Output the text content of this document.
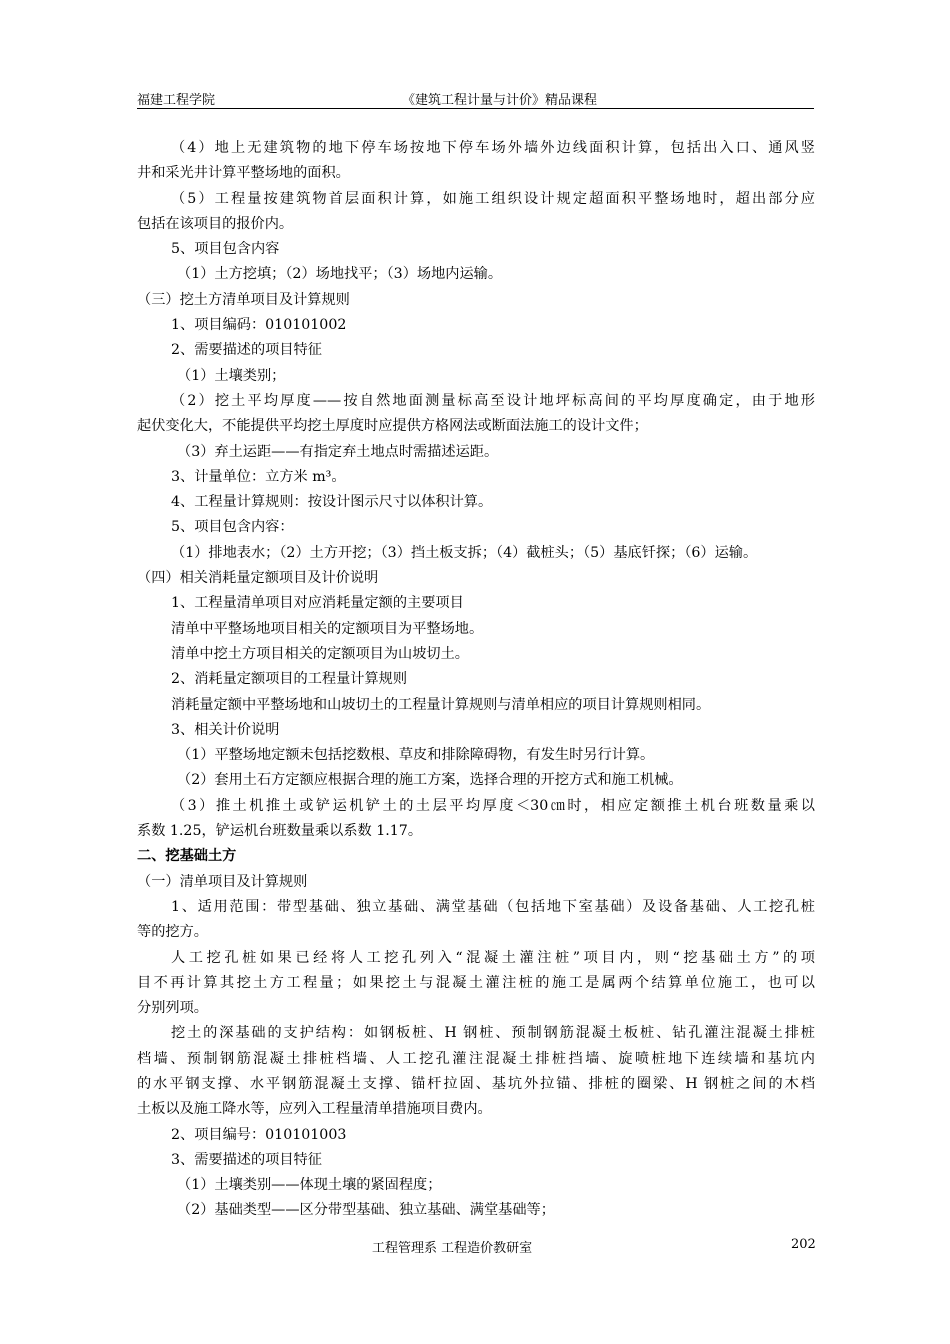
福建工程学院	《建筑工程计量与计价》精品课程
（4）地上无建筑物的地下停车场按地下停车场外墙外边线面积计算，包括出入口、通风竖
井和采光井计算平整场地的面积。
（5）工程量按建筑物首层面积计算，如施工组织设计规定超面积平整场地时，超出部分应
包括在该项目的报价内。
5、项目包含内容
（1）土方挖填；（2）场地找平；（3）场地内运输。
（三）挖土方清单项目及计算规则
1、项目编码：010101002
2、需要描述的项目特征
（1）土壤类别；
（2）挖土平均厚度——按自然地面测量标高至设计地坪标高间的平均厚度确定，由于地形
起伏变化大，不能提供平均挖土厚度时应提供方格网法或断面法施工的设计文件；
（3）弃土运距——有指定弃土地点时需描述运距。
3、计量单位：立方米 m³。
4、工程量计算规则：按设计图示尺寸以体积计算。
5、项目包含内容：
（1）排地表水；（2）土方开挖；（3）挡土板支拆；（4）截桩头；（5）基底钎探；（6）运输。
（四）相关消耗量定额项目及计价说明
1、工程量清单项目对应消耗量定额的主要项目
清单中平整场地项目相关的定额项目为平整场地。
清单中挖土方项目相关的定额项目为山坡切土。
2、消耗量定额项目的工程量计算规则
消耗量定额中平整场地和山坡切土的工程量计算规则与清单相应的项目计算规则相同。
3、相关计价说明
（1）平整场地定额未包括挖数根、草皮和排除障碍物，有发生时另行计算。
（2）套用土石方定额应根据合理的施工方案，选择合理的开挖方式和施工机械。
（3）推土机推土或铲运机铲土的土层平均厚度＜30㎝时，相应定额推土机台班数量乘以
系数 1.25，铲运机台班数量乘以系数 1.17。
二、挖基础土方
（一）清单项目及计算规则
1、适用范围：带型基础、独立基础、满堂基础（包括地下室基础）及设备基础、人工挖孔桩
等的挖方。
人工挖孔桩如果已经将人工挖孔列入“混凝土灌注桩”项目内，则“挖基础土方”的项
目不再计算其挖土方工程量；如果挖土与混凝土灌注桩的施工是属两个结算单位施工，也可以
分别列项。
挖土的深基础的支护结构：如钢板桩、H 钢桩、预制钢筋混凝土板桩、钻孔灌注混凝土排桩
档墙、预制钢筋混凝土排桩档墙、人工挖孔灌注混凝土排桩挡墙、旋喷桩地下连续墙和基坑内
的水平钢支撑、水平钢筋混凝土支撑、锚杆拉固、基坑外拉锚、排桩的圈梁、H 钢桩之间的木档
土板以及施工降水等，应列入工程量清单措施项目费内。
2、项目编号：010101003
3、需要描述的项目特征
（1）土壤类别——体现土壤的紧固程度；
（2）基础类型——区分带型基础、独立基础、满堂基础等；
工程管理系 工程造价教研室	202
